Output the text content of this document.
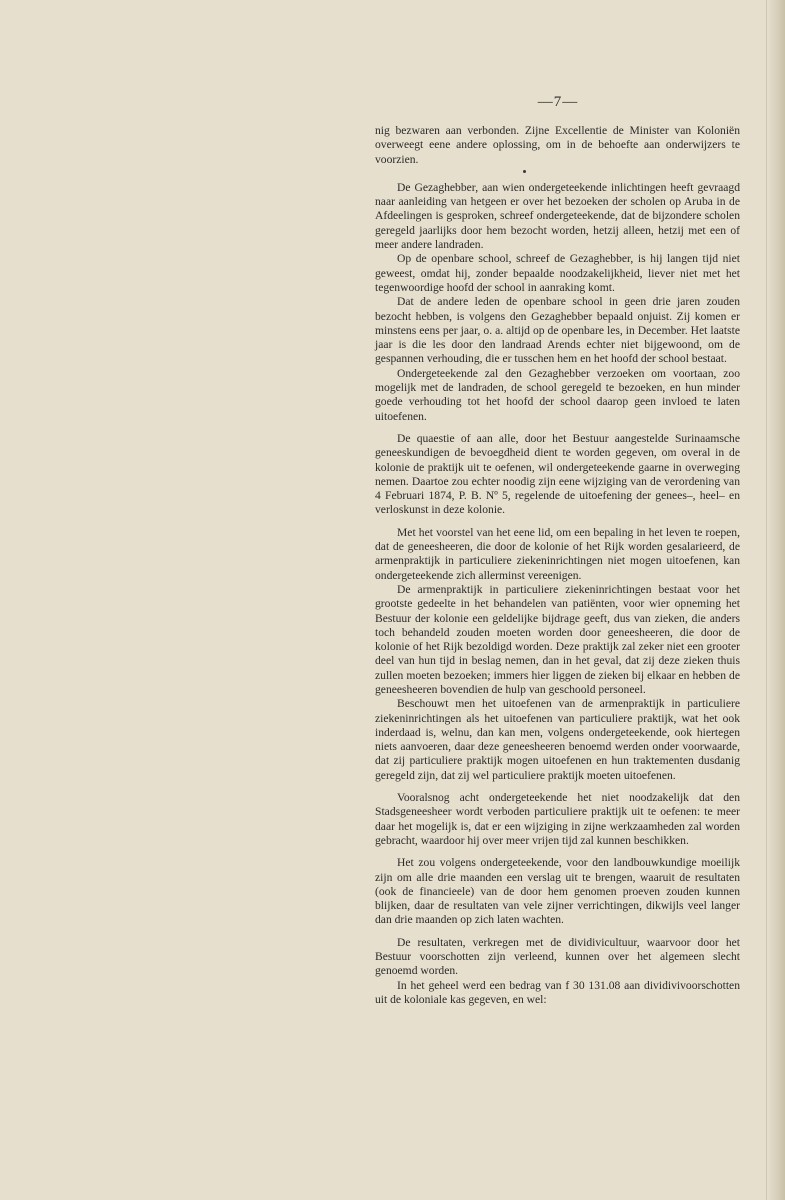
—7—

nig bezwaren aan verbonden. Zijne Excellentie de Minister van Koloniën overweegt eene andere oplossing, om in de behoefte aan onderwijzers te voorzien.

De Gezaghebber, aan wien ondergeteekende inlichtingen heeft gevraagd naar aanleiding van hetgeen er over het bezoeken der scholen op Aruba in de Afdeelingen is gesproken, schreef ondergeteekende, dat de bijzondere scholen geregeld jaarlijks door hem bezocht worden, hetzij alleen, hetzij met een of meer andere landraden.

Op de openbare school, schreef de Gezaghebber, is hij langen tijd niet geweest, omdat hij, zonder bepaalde noodzakelijkheid, liever niet met het tegenwoordige hoofd der school in aanraking komt.

Dat de andere leden de openbare school in geen drie jaren zouden bezocht hebben, is volgens den Gezaghebber bepaald onjuist. Zij komen er minstens eens per jaar, o. a. altijd op de openbare les, in December. Het laatste jaar is die les door den landraad Arends echter niet bijgewoond, om de gespannen verhouding, die er tusschen hem en het hoofd der school bestaat.

Ondergeteekende zal den Gezaghebber verzoeken om voortaan, zoo mogelijk met de landraden, de school geregeld te bezoeken, en hun minder goede verhouding tot het hoofd der school daarop geen invloed te laten uitoefenen.

De quaestie of aan alle, door het Bestuur aangestelde Surinaamsche geneeskundigen de bevoegdheid dient te worden gegeven, om overal in de kolonie de praktijk uit te oefenen, wil ondergeteekende gaarne in overweging nemen. Daartoe zou echter noodig zijn eene wijziging van de verordening van 4 Februari 1874, P. B. Nº 5, regelende de uitoefening der genees–, heel– en verloskunst in deze kolonie.

Met het voorstel van het eene lid, om een bepaling in het leven te roepen, dat de geneesheeren, die door de kolonie of het Rijk worden gesalarieerd, de armenpraktijk in particuliere ziekeninrichtingen niet mogen uitoefenen, kan ondergeteekende zich allerminst vereenigen.

De armenpraktijk in particuliere ziekeninrichtingen bestaat voor het grootste gedeelte in het behandelen van patiënten, voor wier opneming het Bestuur der kolonie een geldelijke bijdrage geeft, dus van zieken, die anders toch behandeld zouden moeten worden door geneesheeren, die door de kolonie of het Rijk bezoldigd worden. Deze praktijk zal zeker niet een grooter deel van hun tijd in beslag nemen, dan in het geval, dat zij deze zieken thuis zullen moeten bezoeken; immers hier liggen de zieken bij elkaar en hebben de geneesheeren bovendien de hulp van geschoold personeel.

Beschouwt men het uitoefenen van de armenpraktijk in particuliere ziekeninrichtingen als het uitoefenen van particuliere praktijk, wat het ook inderdaad is, welnu, dan kan men, volgens ondergeteekende, ook hiertegen niets aanvoeren, daar deze geneesheeren benoemd werden onder voorwaarde, dat zij particuliere praktijk mogen uitoefenen en hun traktementen dusdanig geregeld zijn, dat zij wel particuliere praktijk moeten uitoefenen.

Vooralsnog acht ondergeteekende het niet noodzakelijk dat den Stadsgeneesheer wordt verboden particuliere praktijk uit te oefenen: te meer daar het mogelijk is, dat er een wijziging in zijne werkzaamheden zal worden gebracht, waardoor hij over meer vrijen tijd zal kunnen beschikken.

Het zou volgens ondergeteekende, voor den landbouwkundige moeilijk zijn om alle drie maanden een verslag uit te brengen, waaruit de resultaten (ook de financieele) van de door hem genomen proeven zouden kunnen blijken, daar de resultaten van vele zijner verrichtingen, dikwijls veel langer dan drie maanden op zich laten wachten.

De resultaten, verkregen met de dividivicultuur, waarvoor door het Bestuur voorschotten zijn verleend, kunnen over het algemeen slecht genoemd worden.

In het geheel werd een bedrag van f 30 131.08 aan dividivivoorschotten uit de koloniale kas gegeven, en wel:
